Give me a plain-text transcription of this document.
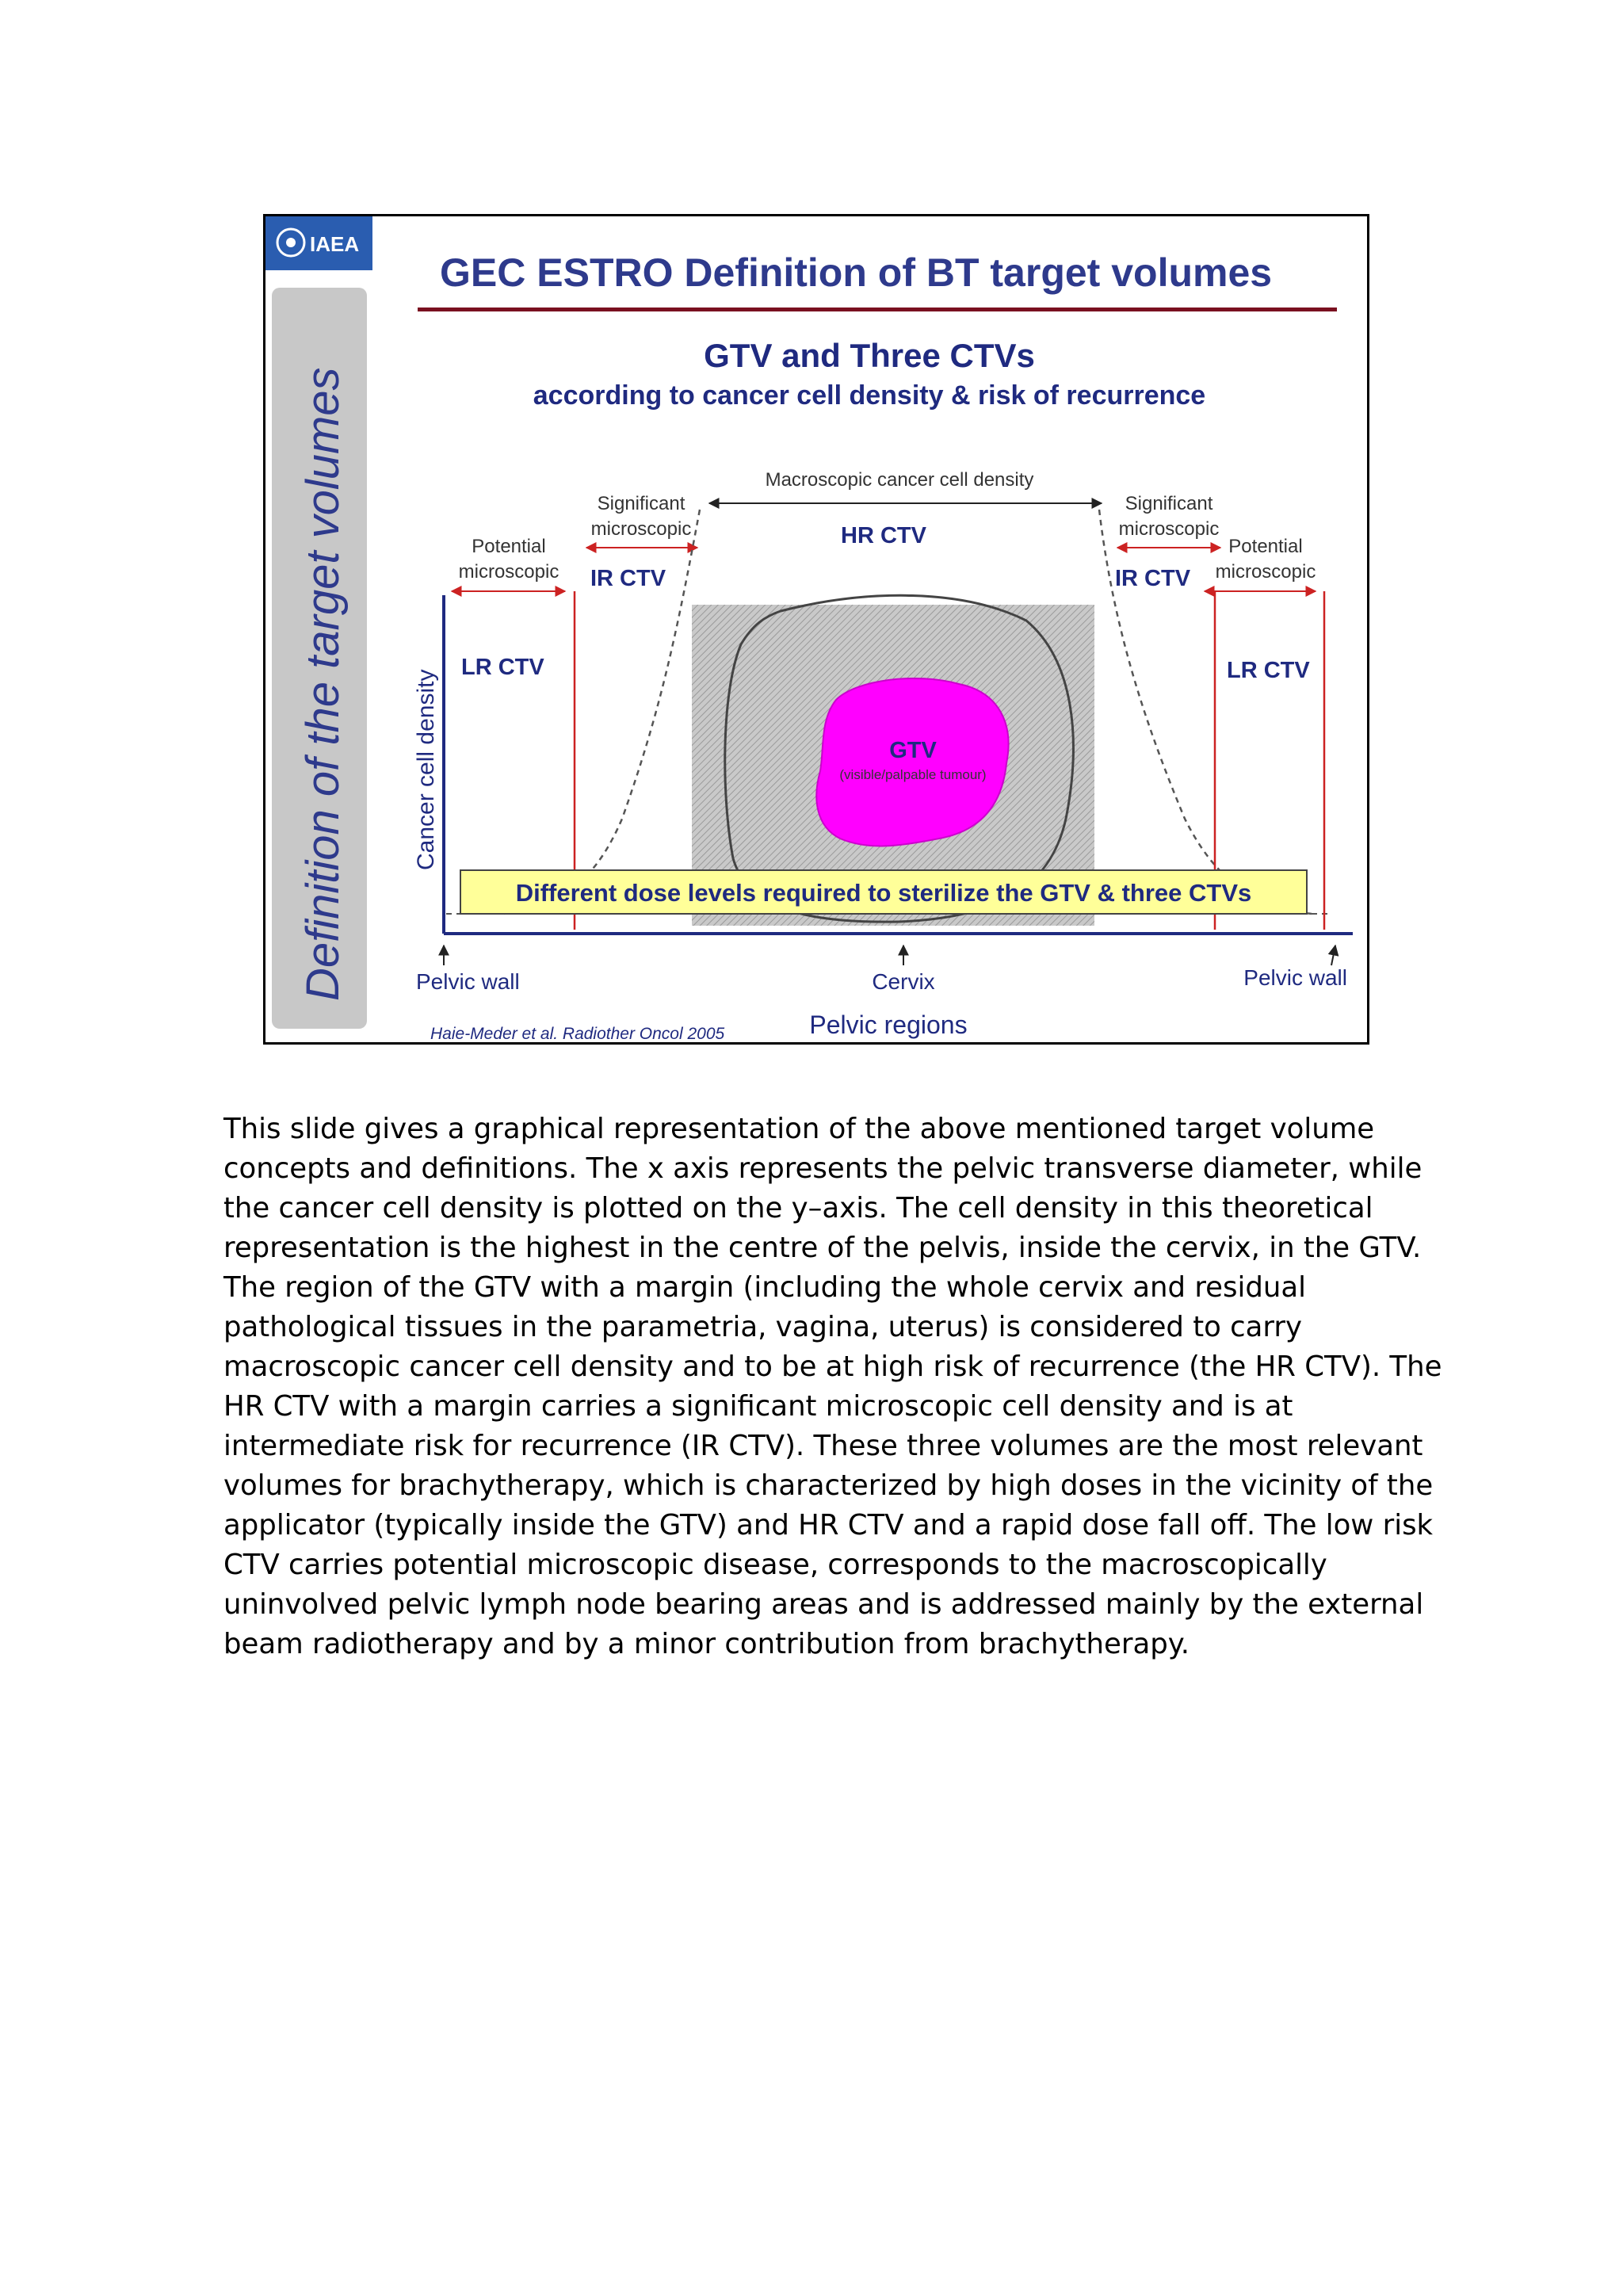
IAEA
Definition of the target volumes
GEC ESTRO Definition of BT target volumes
GTV and Three CTVs
according to cancer cell density & risk of recurrence
Macroscopic cancer cell density
Significant
microscopic
Significant
microscopic
Potential
microscopic
Potential
microscopic
HR CTV
IR CTV	IR CTV
LR CTV	LR CTV
GTV
(visible/palpable tumour)
Cancer cell density
Different dose levels required to sterilize the GTV & three CTVs
Pelvic wall	Cervix	Pelvic wall
Pelvic regions
Haie-Meder et al. Radiother Oncol 2005

This slide gives a graphical representation of the above mentioned target volume concepts and definitions. The x axis represents the pelvic transverse diameter, while the cancer cell density is plotted on the y–axis. The cell density in this theoretical representation is the highest in the centre of the pelvis, inside the cervix, in the GTV. The region of the GTV with a margin (including the whole cervix and residual pathological tissues in the parametria, vagina, uterus) is considered to carry macroscopic cancer cell density and to be at high risk of recurrence (the HR CTV). The HR CTV with a margin carries a significant microscopic cell density and is at intermediate risk for recurrence (IR CTV). These three volumes are the most relevant volumes for brachytherapy, which is characterized by high doses in the vicinity of the applicator (typically inside the GTV) and HR CTV and a rapid dose fall off. The low risk CTV carries potential microscopic disease, corresponds to the macroscopically uninvolved pelvic lymph node bearing areas and is addressed mainly by the external beam radiotherapy and by a minor contribution from brachytherapy.
